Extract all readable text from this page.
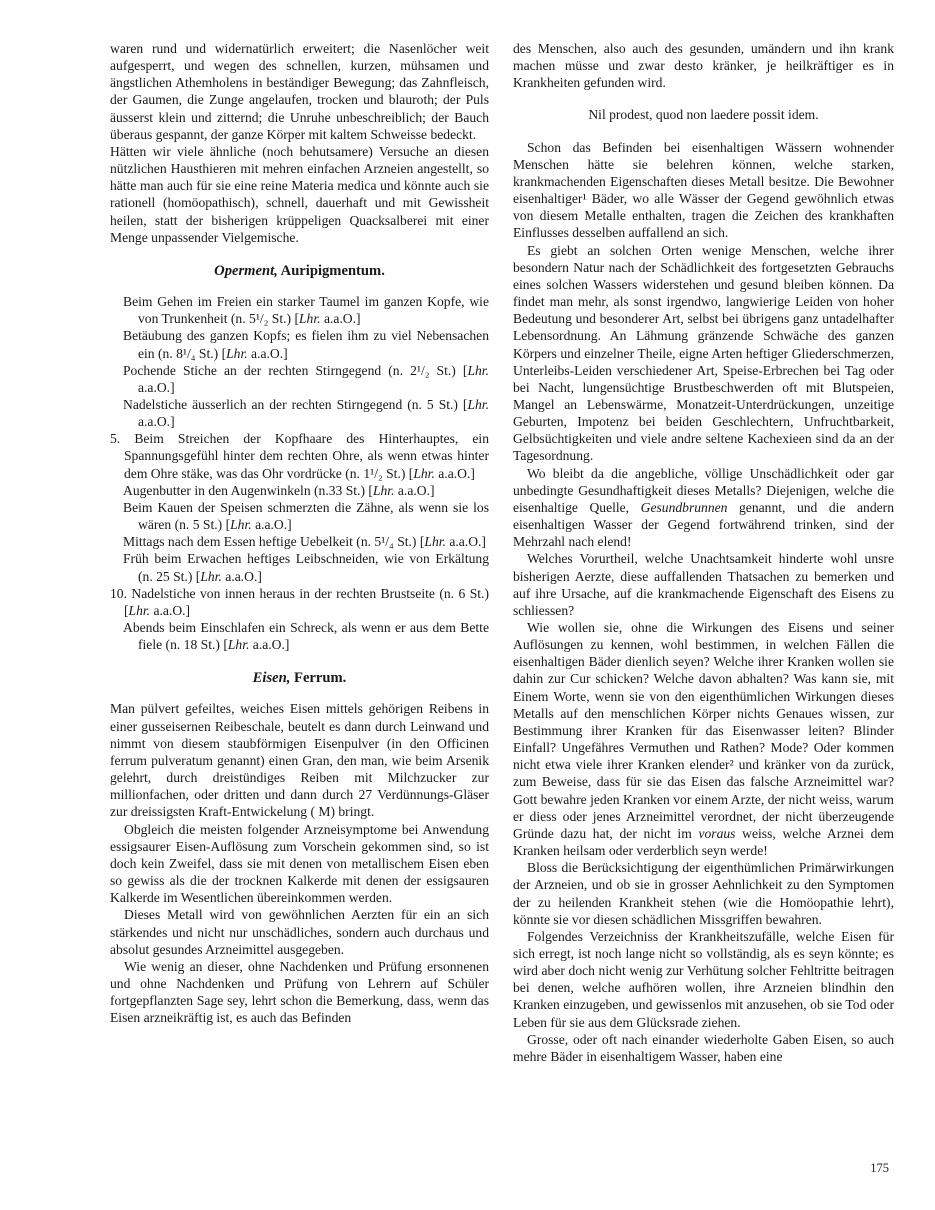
waren rund und widernatürlich erweitert; die Nasenlöcher weit aufgesperrt, und wegen des schnellen, kurzen, mühsamen und ängstlichen Athemholens in beständiger Bewegung; das Zahnfleisch, der Gaumen, die Zunge angelaufen, trocken und blauroth; der Puls äusserst klein und zitternd; die Unruhe unbeschreiblich; der Bauch überaus gespannt, der ganze Körper mit kaltem Schweisse bedeckt.

Hätten wir viele ähnliche (noch behutsamere) Versuche an diesen nützlichen Hausthieren mit mehren einfachen Arzneien angestellt, so hätte man auch für sie eine reine Materia medica und könnte auch sie rationell (homöopathisch), schnell, dauerhaft und mit Gewissheit heilen, statt der bisherigen krüppeligen Quacksalberei mit einer Menge unpassender Vielgemische.

Operment, Auripigmentum.

Beim Gehen im Freien ein starker Taumel im ganzen Kopfe, wie von Trunkenheit (n. 5¹/₂ St.) [Lhr. a.a.O.]

Betäubung des ganzen Kopfs; es fielen ihm zu viel Nebensachen ein (n. 8¹/₄ St.) [Lhr. a.a.O.]

Pochende Stiche an der rechten Stirngegend (n. 2¹/₂ St.) [Lhr. a.a.O.]

Nadelstiche äusserlich an der rechten Stirngegend (n. 5 St.) [Lhr. a.a.O.]

5. Beim Streichen der Kopfhaare des Hinterhauptes, ein Spannungsgefühl hinter dem rechten Ohre, als wenn etwas hinter dem Ohre stäke, was das Ohr vordrücke (n. 1¹/₂ St.) [Lhr. a.a.O.]

Augenbutter in den Augenwinkeln (n.33 St.) [Lhr. a.a.O.]

Beim Kauen der Speisen schmerzten die Zähne, als wenn sie los wären (n. 5 St.) [Lhr. a.a.O.]

Mittags nach dem Essen heftige Uebelkeit (n. 5¹/₄ St.) [Lhr. a.a.O.]

Früh beim Erwachen heftiges Leibschneiden, wie von Erkältung (n. 25 St.) [Lhr. a.a.O.]

10. Nadelstiche von innen heraus in der rechten Brustseite (n. 6 St.) [Lhr. a.a.O.]

Abends beim Einschlafen ein Schreck, als wenn er aus dem Bette fiele (n. 18 St.) [Lhr. a.a.O.]

Eisen, Ferrum.

Man pülvert gefeiltes, weiches Eisen mittels gehörigen Reibens in einer gusseisernen Reibeschale, beutelt es dann durch Leinwand und nimmt von diesem staubförmigen Eisenpulver (in den Officinen ferrum pulveratum genannt) einen Gran, den man, wie beim Arsenik gelehrt, durch dreistündiges Reiben mit Milchzucker zur millionfachen, oder dritten und dann durch 27 Verdünnungs-Gläser zur dreissigsten Kraft-Entwickelung ( M) bringt.

Obgleich die meisten folgender Arzneisymptome bei Anwendung essigsaurer Eisen-Auflösung zum Vorschein gekommen sind, so ist doch kein Zweifel, dass sie mit denen von metallischem Eisen eben so gewiss als die der trocknen Kalkerde mit denen der essigsauren Kalkerde im Wesentlichen übereinkommen werden.

Dieses Metall wird von gewöhnlichen Aerzten für ein an sich stärkendes und nicht nur unschädliches, sondern auch durchaus und absolut gesundes Arzneimittel ausgegeben.

Wie wenig an dieser, ohne Nachdenken und Prüfung ersonnenen und ohne Nachdenken und Prüfung von Lehrern auf Schüler fortgepflanzten Sage sey, lehrt schon die Bemerkung, dass, wenn das Eisen arzneikräftig ist, es auch das Befinden

des Menschen, also auch des gesunden, umändern und ihn krank machen müsse und zwar desto kränker, je heilkräftiger es in Krankheiten gefunden wird.

Nil prodest, quod non laedere possit idem.

Schon das Befinden bei eisenhaltigen Wässern wohnender Menschen hätte sie belehren können, welche starken, krankmachenden Eigenschaften dieses Metall besitze. Die Bewohner eisenhaltiger¹ Bäder, wo alle Wässer der Gegend gewöhnlich etwas von diesem Metalle enthalten, tragen die Zeichen des krankhaften Einflusses desselben auffallend an sich.

Es giebt an solchen Orten wenige Menschen, welche ihrer besondern Natur nach der Schädlichkeit des fortgesetzten Gebrauchs eines solchen Wassers widerstehen und gesund bleiben können. Da findet man mehr, als sonst irgendwo, langwierige Leiden von hoher Bedeutung und besonderer Art, selbst bei übrigens ganz untadelhafter Lebensordnung. An Lähmung gränzende Schwäche des ganzen Körpers und einzelner Theile, eigne Arten heftiger Gliederschmerzen, Unterleibs-Leiden verschiedener Art, Speise-Erbrechen bei Tag oder bei Nacht, lungensüchtige Brustbeschwerden oft mit Blutspeien, Mangel an Lebenswärme, Monatzeit-Unterdrückungen, unzeitige Geburten, Impotenz bei beiden Geschlechtern, Unfruchtbarkeit, Gelbsüchtigkeiten und viele andre seltene Kachexieen sind da an der Tagesordnung.

Wo bleibt da die angebliche, völlige Unschädlichkeit oder gar unbedingte Gesundhaftigkeit dieses Metalls? Diejenigen, welche die eisenhaltige Quelle, Gesundbrunnen genannt, und die andern eisenhaltigen Wasser der Gegend fortwährend trinken, sind der Mehrzahl nach elend!

Welches Vorurtheil, welche Unachtsamkeit hinderte wohl unsre bisherigen Aerzte, diese auffallenden Thatsachen zu bemerken und auf ihre Ursache, auf die krankmachende Eigenschaft des Eisens zu schliessen?

Wie wollen sie, ohne die Wirkungen des Eisens und seiner Auflösungen zu kennen, wohl bestimmen, in welchen Fällen die eisenhaltigen Bäder dienlich seyen? Welche ihrer Kranken wollen sie dahin zur Cur schicken? Welche davon abhalten? Was kann sie, mit Einem Worte, wenn sie von den eigenthümlichen Wirkungen dieses Metalls auf den menschlichen Körper nichts Genaues wissen, zur Bestimmung ihrer Kranken für das Eisenwasser leiten? Blinder Einfall? Ungefähres Vermuthen und Rathen? Mode? Oder kommen nicht etwa viele ihrer Kranken elender² und kränker von da zurück, zum Beweise, dass für sie das Eisen das falsche Arzneimittel war? Gott bewahre jeden Kranken vor einem Arzte, der nicht weiss, warum er diess oder jenes Arzneimittel verordnet, der nicht überzeugende Gründe dazu hat, der nicht im voraus weiss, welche Arznei dem Kranken heilsam oder verderblich seyn werde!

Bloss die Berücksichtigung der eigenthümlichen Primärwirkungen der Arzneien, und ob sie in grosser Aehnlichkeit zu den Symptomen der zu heilenden Krankheit stehen (wie die Homöopathie lehrt), könnte sie vor diesen schädlichen Missgriffen bewahren.

Folgendes Verzeichniss der Krankheitszufälle, welche Eisen für sich erregt, ist noch lange nicht so vollständig, als es seyn könnte; es wird aber doch nicht wenig zur Verhütung solcher Fehltritte beitragen bei denen, welche aufhören wollen, ihre Arzneien blindhin den Kranken einzugeben, und gewissenlos mit anzusehen, ob sie Tod oder Leben für sie aus dem Glücksrade ziehen.

Grosse, oder oft nach einander wiederholte Gaben Eisen, so auch mehre Bäder in eisenhaltigem Wasser, haben eine

175
